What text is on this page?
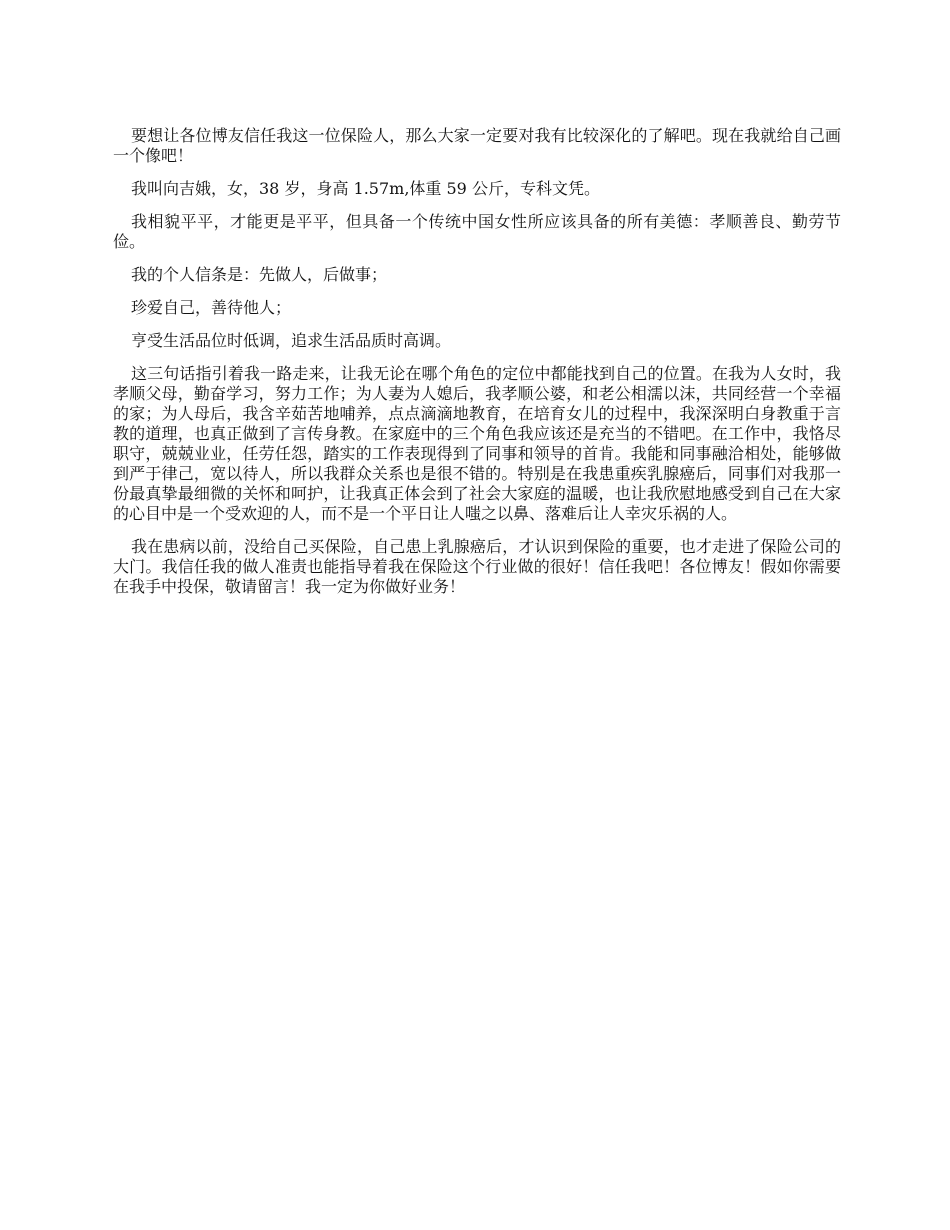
要想让各位博友信任我这一位保险人，那么大家一定要对我有比较深化的了解吧。现在我就给自己画一个像吧！

我叫向吉娥，女，38 岁，身高 1.57m,体重 59 公斤，专科文凭。

我相貌平平，才能更是平平，但具备一个传统中国女性所应该具备的所有美德：孝顺善良、勤劳节俭。

我的个人信条是：先做人，后做事；

珍爱自己，善待他人；

亨受生活品位时低调，追求生活品质时高调。

这三句话指引着我一路走来，让我无论在哪个角色的定位中都能找到自己的位置。在我为人女时，我孝顺父母，勤奋学习，努力工作；为人妻为人媳后，我孝顺公婆，和老公相濡以沫，共同经营一个幸福的家；为人母后，我含辛茹苦地哺养，点点滴滴地教育，在培育女儿的过程中，我深深明白身教重于言教的道理，也真正做到了言传身教。在家庭中的三个角色我应该还是充当的不错吧。在工作中，我恪尽职守，兢兢业业，任劳任怨，踏实的工作表现得到了同事和领导的首肯。我能和同事融洽相处，能够做到严于律己，宽以待人，所以我群众关系也是很不错的。特别是在我患重疾乳腺癌后，同事们对我那一份最真挚最细微的关怀和呵护，让我真正体会到了社会大家庭的温暖，也让我欣慰地感受到自己在大家的心目中是一个受欢迎的人，而不是一个平日让人嗤之以鼻、落难后让人幸灾乐祸的人。

我在患病以前，没给自己买保险，自己患上乳腺癌后，才认识到保险的重要，也才走进了保险公司的大门。我信任我的做人准责也能指导着我在保险这个行业做的很好！信任我吧！各位博友！假如你需要在我手中投保，敬请留言！我一定为你做好业务！
